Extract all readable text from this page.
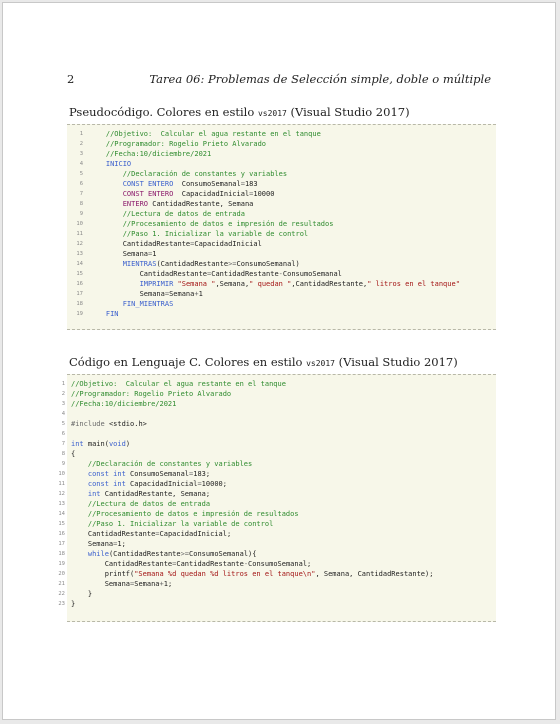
2	Tarea 06: Problemas de Selección simple, doble o múltiple
Pseudocódigo. Colores en estilo vs2017 (Visual Studio 2017)
1 //Objetivo:  Calcular el agua restante en el tanque
2 //Programador: Rogelio Prieto Alvarado
3 //Fecha:10/diciembre/2021
4 INICIO
5 //Declaración de constantes y variables
6 CONST ENTERO  ConsumoSemanal=183
7 CONST ENTERO  CapacidadInicial=10000
8 ENTERO CantidadRestante, Semana
9 //Lectura de datos de entrada
10 //Procesamiento de datos e impresión de resultados
11 //Paso 1. Inicializar la variable de control
12 CantidadRestante=CapacidadInicial
13 Semana=1
14 MIENTRAS(CantidadRestante>=ConsumoSemanal)
15 CantidadRestante=CantidadRestante-ConsumoSemanal
16 IMPRIMIR "Semana ",Semana," quedan ",CantidadRestante," litros en el tanque"
17 Semana=Semana+1
18 FIN_MIENTRAS
19 FIN
Código en Lenguaje C. Colores en estilo vs2017 (Visual Studio 2017)
1 //Objetivo:  Calcular el agua restante en el tanque
2 //Programador: Rogelio Prieto Alvarado
3 //Fecha:10/diciembre/2021
4
5 #include <stdio.h>
6
7 int main(void)
8 {
9 //Declaración de constantes y variables
10 const int ConsumoSemanal=183;
11 const int CapacidadInicial=10000;
12 int CantidadRestante, Semana;
13 //Lectura de datos de entrada
14 //Procesamiento de datos e impresión de resultados
15 //Paso 1. Inicializar la variable de control
16 CantidadRestante=CapacidadInicial;
17 Semana=1;
18 while(CantidadRestante>=ConsumoSemanal){
19 CantidadRestante=CantidadRestante-ConsumoSemanal;
20 printf("Semana %d quedan %d litros en el tanque\n", Semana, CantidadRestante);
21 Semana=Semana+1;
22 }
23 }
